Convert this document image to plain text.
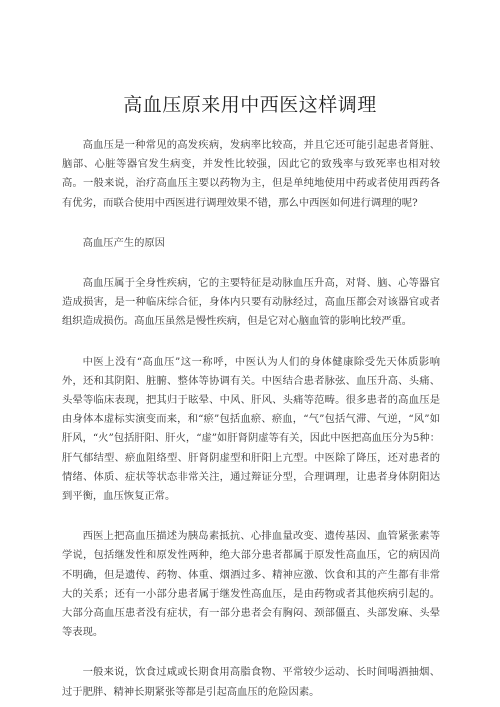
高血压原来用中西医这样调理

高血压是一种常见的高发疾病，发病率比较高，并且它还可能引起患者肾脏、脑部、心脏等器官发生病变，并发性比较强，因此它的致残率与致死率也相对较高。一般来说，治疗高血压主要以药物为主，但是单纯地使用中药或者使用西药各有优劣，而联合使用中西医进行调理效果不错，那么中西医如何进行调理的呢?

高血压产生的原因

高血压属于全身性疾病，它的主要特征是动脉血压升高，对肾、脑、心等器官造成损害，是一种临床综合征，身体内只要有动脉经过，高血压都会对该器官或者组织造成损伤。高血压虽然是慢性疾病，但是它对心脑血管的影响比较严重。

中医上没有“高血压”这一称呼，中医认为人们的身体健康除受先天体质影响外，还和其阴阳、脏腑、整体等协调有关。中医结合患者脉弦、血压升高、头痛、头晕等临床表现，把其归于眩晕、中风、肝风、头痛等范畴。很多患者的高血压是由身体本虚标实演变而来，和“瘀”包括血瘀、瘀血，“气”包括气滞、气逆，“风”如肝风，“火”包括肝阳、肝火，“虚”如肝肾阴虚等有关，因此中医把高血压分为5种：肝气郁结型、瘀血阻络型、肝肾阴虚型和肝阳上亢型。中医除了降压，还对患者的情绪、体质、症状等状态非常关注，通过辩证分型，合理调理，让患者身体阴阳达到平衡，血压恢复正常。

西医上把高血压描述为胰岛素抵抗、心排血量改变、遗传基因、血管紧张素等学说，包括继发性和原发性两种，绝大部分患者都属于原发性高血压，它的病因尚不明确，但是遗传、药物、体重、烟酒过多、精神应激、饮食和其的产生都有非常大的关系；还有一小部分患者属于继发性高血压，是由药物或者其他疾病引起的。大部分高血压患者没有症状，有一部分患者会有胸闷、颈部僵直、头部发麻、头晕等表现。

一般来说，饮食过咸或长期食用高脂食物、平常较少运动、长时间喝酒抽烟、过于肥胖、精神长期紧张等都是引起高血压的危险因素。
